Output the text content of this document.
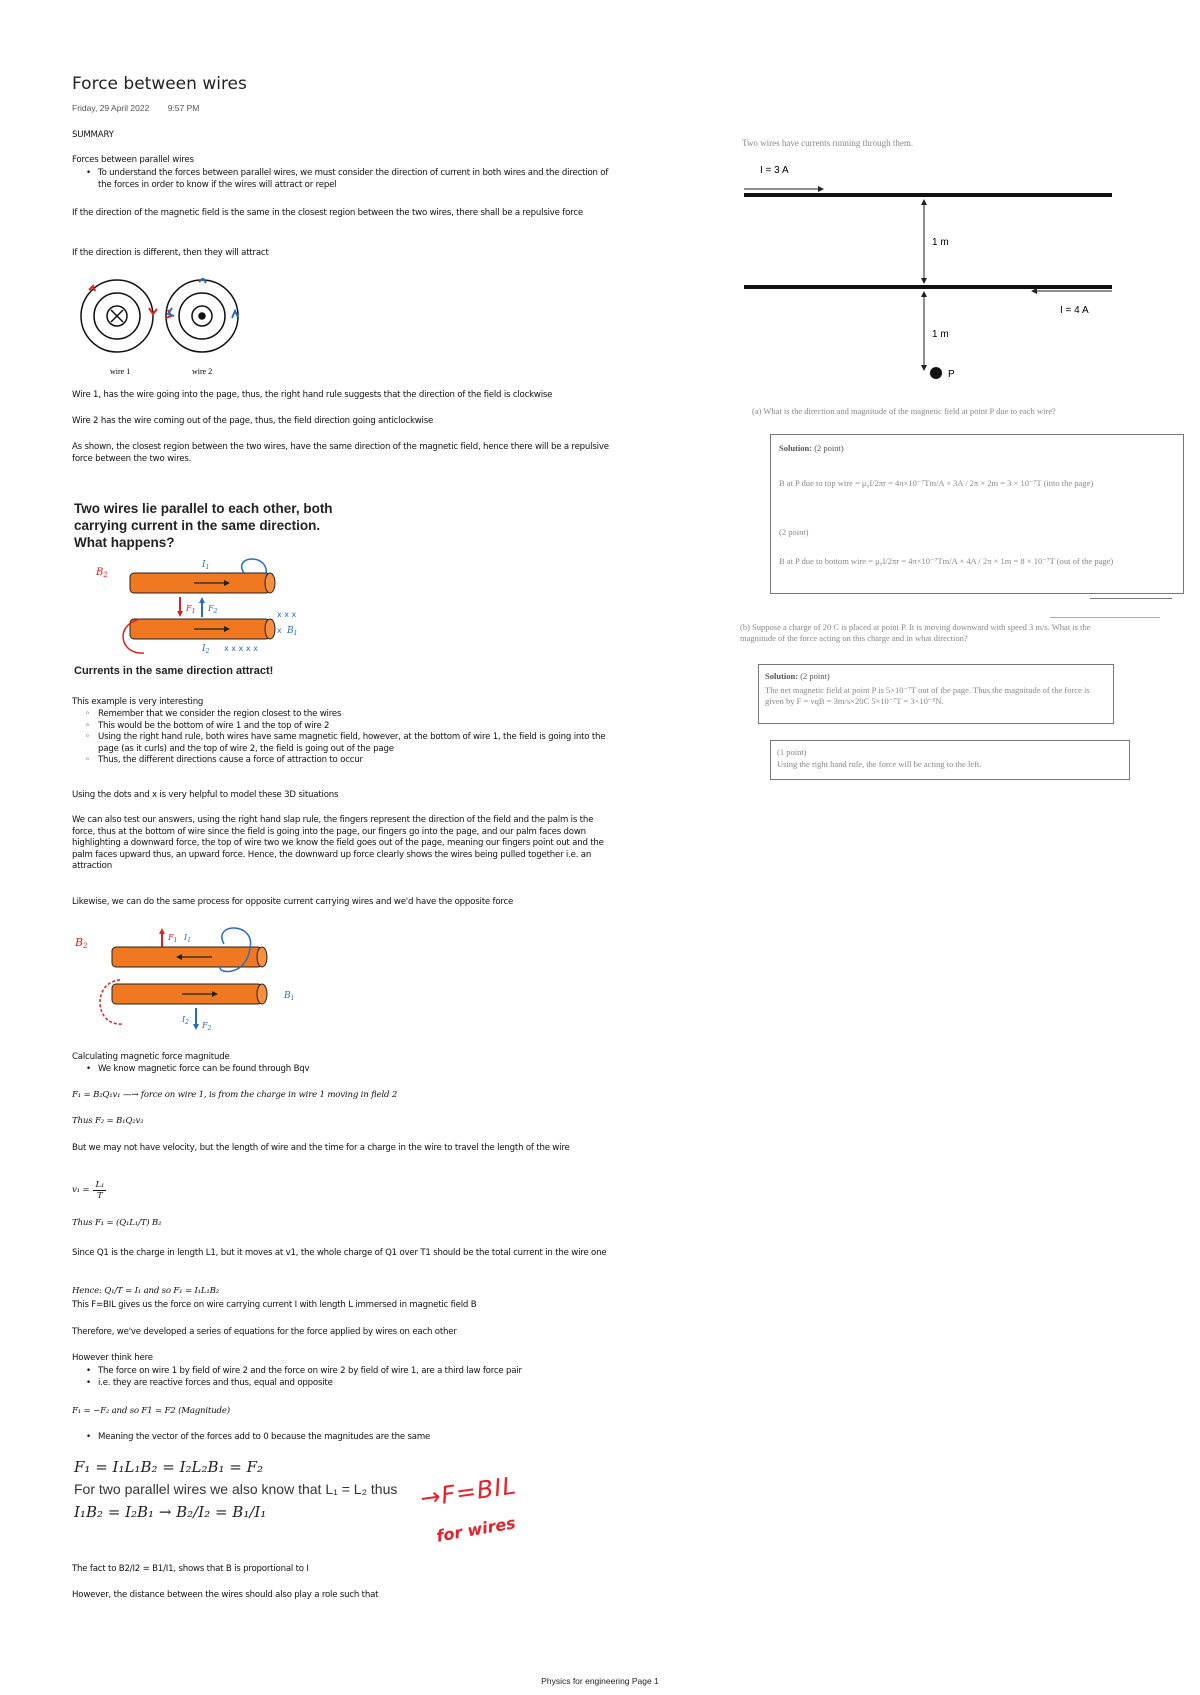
Force between wires
Friday, 29 April 2022 9:57 PM
SUMMARY
Forces between parallel wires
• To understand the forces between parallel wires, we must consider the direction of current in both wires and the direction of the forces in order to know if the wires will attract or repel
If the direction of the magnetic field is the same in the closest region between the two wires, there shall be a repulsive force
If the direction is different, then they will attract
wire 1	wire 2
Wire 1, has the wire going into the page, thus, the right hand rule suggests that the direction of the field is clockwise
Wire 2 has the wire coming out of the page, thus, the field direction going anticlockwise
As shown, the closest region between the two wires, have the same direction of the magnetic field, hence there will be a repulsive force between the two wires.
Two wires lie parallel to each other, both carrying current in the same direction. What happens?
$B_2$
$I_1$
$F_1$ $F_2$	x x x
x $B_1$
$I_2$ x x x x x
Currents in the same direction attract!
This example is very interesting
◦ Remember that we consider the region closest to the wires
◦ This would be the bottom of wire 1 and the top of wire 2
◦ Using the right hand rule, both wires have same magnetic field, however, at the bottom of wire 1, the field is going into the page (as it curls) and the top of wire 2, the field is going out of the page
◦ Thus, the different directions cause a force of attraction to occur
Using the dots and x is very helpful to model these 3D situations
We can also test our answers, using the right hand slap rule, the fingers represent the direction of the field and the palm is the force, thus at the bottom of wire since the field is going into the page, our fingers go into the page, and our palm faces down highlighting a downward force, the top of wire two we know the field goes out of the page, meaning our fingers point out and the palm faces upward thus, an upward force. Hence, the downward up force clearly shows the wires being pulled together i.e. an attraction
Likewise, we can do the same process for opposite current carrying wires and we'd have the opposite force
B2
$F_1$ $I_1$
$B_1$
$I_2$ $F_2$
Calculating magnetic force magnitude
• We know magnetic force can be found through Bqv
F₁ = B₂Q₁v₁ —→ force on wire 1, is from the charge in wire 1 moving in field 2
Thus F₂ = B₁Q₂v₂
But we may not have velocity, but the length of wire and the time for a charge in the wire to travel the length of the wire
$v_1 = \frac{\text{L₁}}{T}$
Thus F₁ = (Q₁L₁/T) B₂
Since Q1 is the charge in length L1, but it moves at v1, the whole charge of Q1 over T1 should be the total current in the wire one
Hence: Q₁/T = I₁ and so F₁ = I₁L₁B₂
This F=BIL gives us the force on wire carrying current I with length L immersed in magnetic field B
Therefore, we've developed a series of equations for the force applied by wires on each other
However think here
• The force on wire 1 by field of wire 2 and the force on wire 2 by field of wire 1, are a third law force pair
• i.e. they are reactive forces and thus, equal and opposite
F₁ = −F₂ and so F1 = F2 (Magnitude)
• Meaning the vector of the forces add to 0 because the magnitudes are the same
F₁ = I₁L₁B₂ = I₂L₂B₁ = F₂
For two parallel wires we also know that L₁ = L₂ thus
I₁B₂ = I₂B₁ → B₂/I₂ = B₁/I₁	→F=BIL
for wires
The fact to B2/I2 = B1/I1, shows that B is proportional to I
However, the distance between the wires should also play a role such that
Two wires have currents running through them.
I = 3 A
1 m
I = 4 A
1 m
P
(a) What is the direction and magnitude of the magnetic field at point P due to each wire?
Solution: (2 point)
B at P due to top wire = μ₀I/2πr = 4π×10⁻⁷Tm/A × 3A / 2π × 2m = 3 × 10⁻⁷T (into the page)
(2 point)
B at P due to bottom wire = μ₀I/2πr = 4π×10⁻⁷Tm/A × 4A / 2π × 1m = 8 × 10⁻⁷T (out of the page)
(b) Suppose a charge of 20 C is placed at point P. It is moving downward with speed 3 m/s. What is the magnitude of the force acting on this charge and in what direction?
Solution: (2 point)
The net magnetic field at point P is 5×10⁻⁷T out of the page. Thus the magnitude of the force is given by F = vqB = 3m/s×20C 5×10⁻⁷T = 3×10⁻⁵N.
(1 point)
Using the right hand rule, the force will be acting to the left.
Physics for engineering Page 1
